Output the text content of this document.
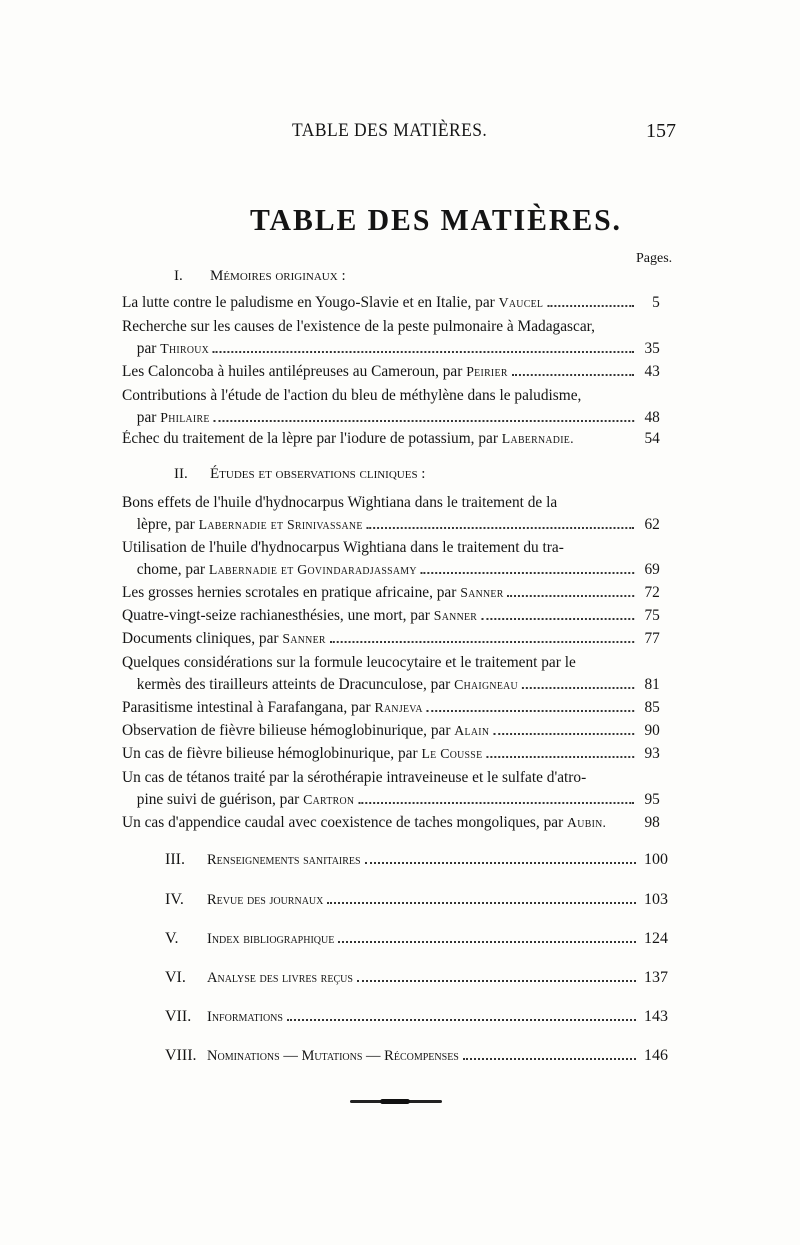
TABLE DES MATIÈRES.	157
TABLE DES MATIÈRES.
Pages.
I. Mémoires originaux :
La lutte contre le paludisme en Yougo-Slavie et en Italie, par
Vaucel	5
Recherche sur les causes de l'existence de la peste pulmonaire à Madagascar,
par
Thiroux	35
Les Caloncoba à huiles antilépreuses au Cameroun, par
Peirier	43
Contributions à l'étude de l'action du bleu de méthylène dans le paludisme,
par
Philaire	48
Échec du traitement de la lèpre par l'iodure de potassium, par
Labernadie.	54
II. Études et observations cliniques :
Bons effets de l'huile d'hydnocarpus Wightiana dans le traitement de la
lèpre, par
Labernadie et Srinivassane	62
Utilisation de l'huile d'hydnocarpus Wightiana dans le traitement du tra-
chome, par
Labernadie et Govindaradjassamy	69
Les grosses hernies scrotales en pratique africaine, par
Sanner	72
Quatre-vingt-seize rachianesthésies, une mort, par
Sanner	75
Documents cliniques, par
Sanner	77
Quelques considérations sur la formule leucocytaire et le traitement par le
kermès des tirailleurs atteints de Dracunculose, par
Chaigneau	81
Parasitisme intestinal à Farafangana, par
Ranjeva	85
Observation de fièvre bilieuse hémoglobinurique, par
Alain	90
Un cas de fièvre bilieuse hémoglobinurique, par
Le Cousse	93
Un cas de tétanos traité par la sérothérapie intraveineuse et le sulfate d'atro-
pine suivi de guérison, par
Cartron	95
Un cas d'appendice caudal avec coexistence de taches mongoliques, par
Aubin. 98
III.	Renseignements sanitaires	100
IV.	Revue des journaux	103
V.	Index bibliographique	124
VI.	Analyse des livres reçus	137
VII.	Informations	143
VIII. Nominations — Mutations — Récompenses	146
